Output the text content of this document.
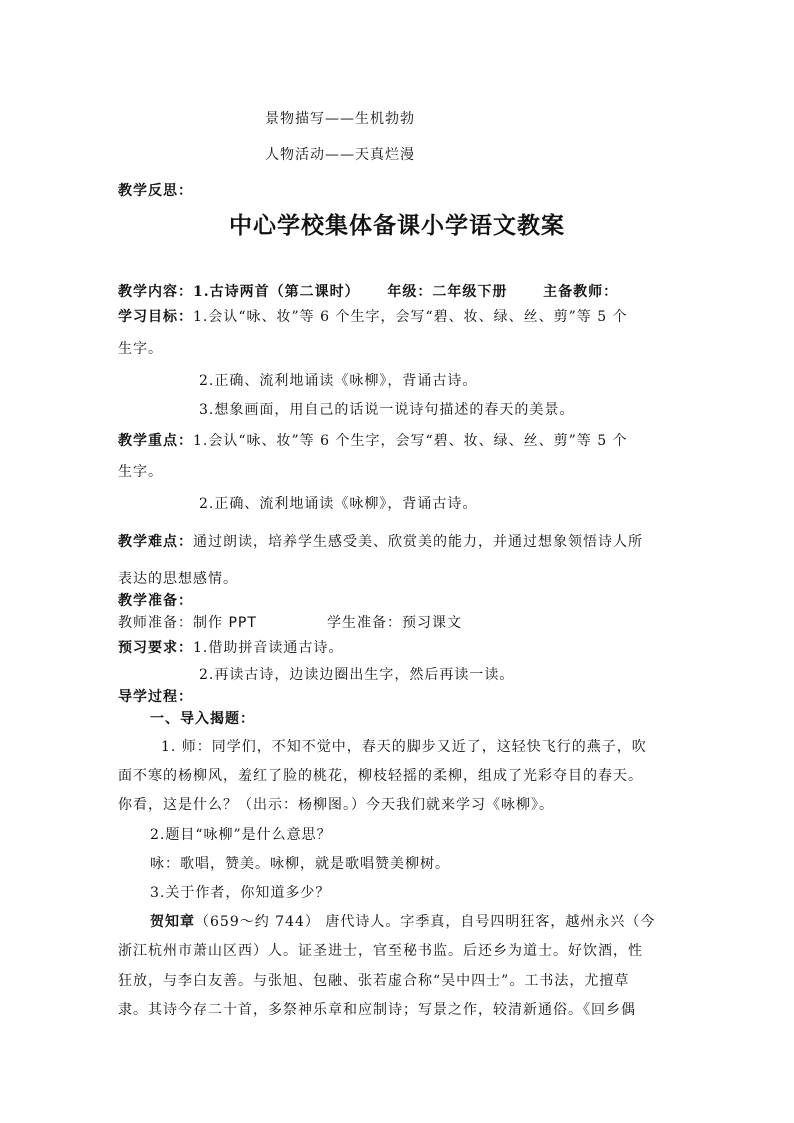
景物描写——生机勃勃
人物活动——天真烂漫
教学反思：
中心学校集体备课小学语文教案
教学内容：1.古诗两首（第二课时） 年级：二年级下册	主备教师：
学习目标：1.会认“咏、妆”等 6 个生字，会写“碧、妆、绿、丝、剪”等 5 个
生字。
2.正确、流利地诵读《咏柳》，背诵古诗。
3.想象画面，用自己的话说一说诗句描述的春天的美景。
教学重点：1.会认“咏、妆”等 6 个生字，会写“碧、妆、绿、丝、剪”等 5 个
生字。
2.正确、流利地诵读《咏柳》，背诵古诗。
教学难点：通过朗读，培养学生感受美、欣赏美的能力，并通过想象领悟诗人所
表达的思想感情。
教学准备：
教师准备：制作 PPT	学生准备：预习课文
预习要求：1.借助拼音读通古诗。
2.再读古诗，边读边圈出生字，然后再读一读。
导学过程：
一、导入揭题：
1. 师：同学们，不知不觉中，春天的脚步又近了，这轻快飞行的燕子，吹
面不寒的杨柳风，羞红了脸的桃花，柳枝轻摇的柔柳，组成了光彩夺目的春天。
你看，这是什么？（出示：杨柳图。）今天我们就来学习《咏柳》。
2.题目“咏柳”是什么意思？
咏：歌唱，赞美。咏柳，就是歌唱赞美柳树。
3.关于作者，你知道多少？
贺知章（659～约 744） 唐代诗人。字季真，自号四明狂客，越州永兴（今
浙江杭州市萧山区西）人。证圣进士，官至秘书监。后还乡为道士。好饮酒，性
狂放，与李白友善。与张旭、包融、张若虚合称“吴中四士”。工书法，尤擅草
隶。其诗今存二十首，多祭神乐章和应制诗；写景之作，较清新通俗。《回乡偶
